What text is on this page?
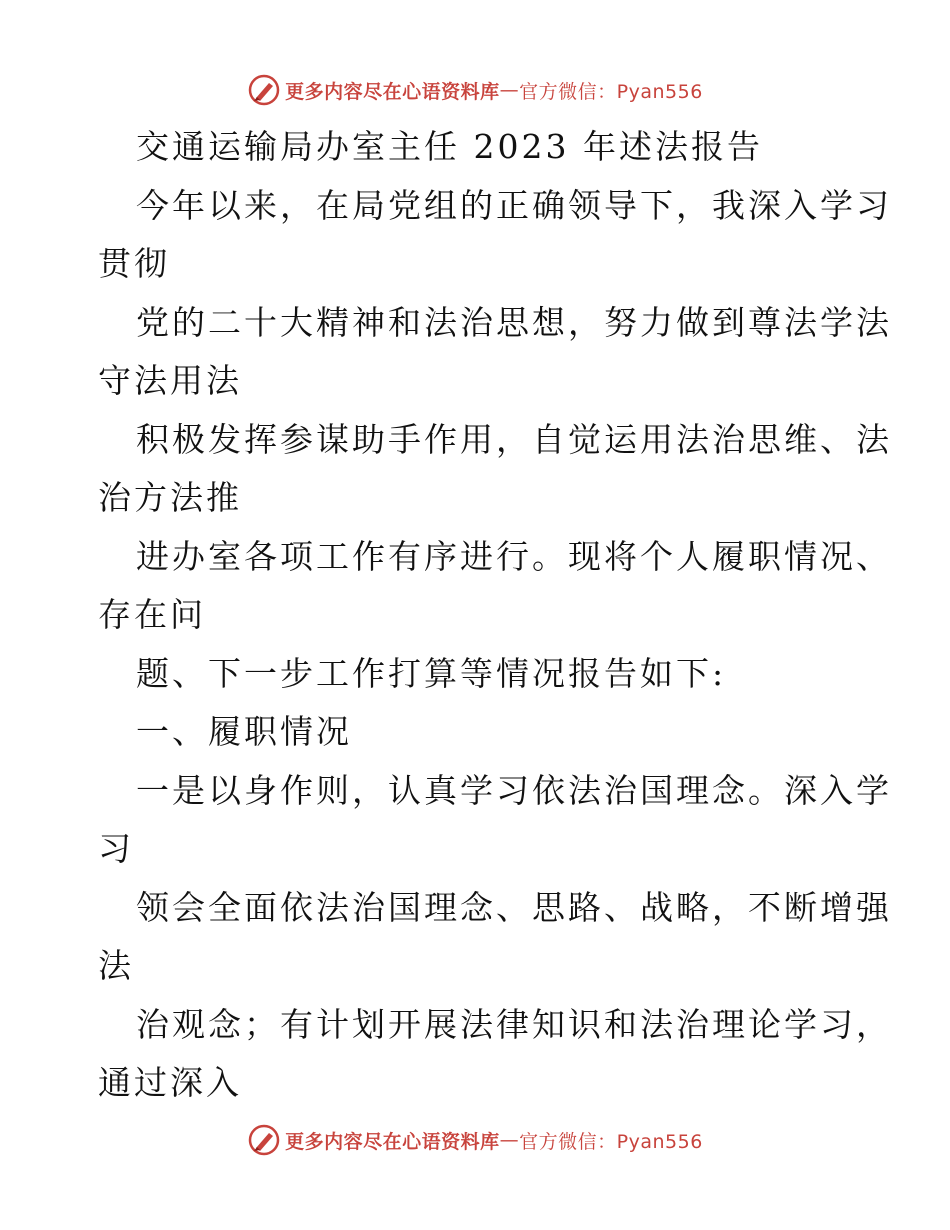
更多内容尽在心语资料库 — 官方微信：Pyan556
交通运输局办室主任 2023 年述法报告
今年以来，在局党组的正确领导下，我深入学习
贯彻
党的二十大精神和法治思想，努力做到尊法学法
守法用法
积极发挥参谋助手作用，自觉运用法治思维、法
治方法推
进办室各项工作有序进行。现将个人履职情况、
存在问
题、下一步工作打算等情况报告如下:
一、履职情况
一是以身作则，认真学习依法治国理念。深入学
习
领会全面依法治国理念、思路、战略，不断增强
法
治观念；有计划开展法律知识和法治理论学习，
通过深入
更多内容尽在心语资料库 — 官方微信：Pyan556
